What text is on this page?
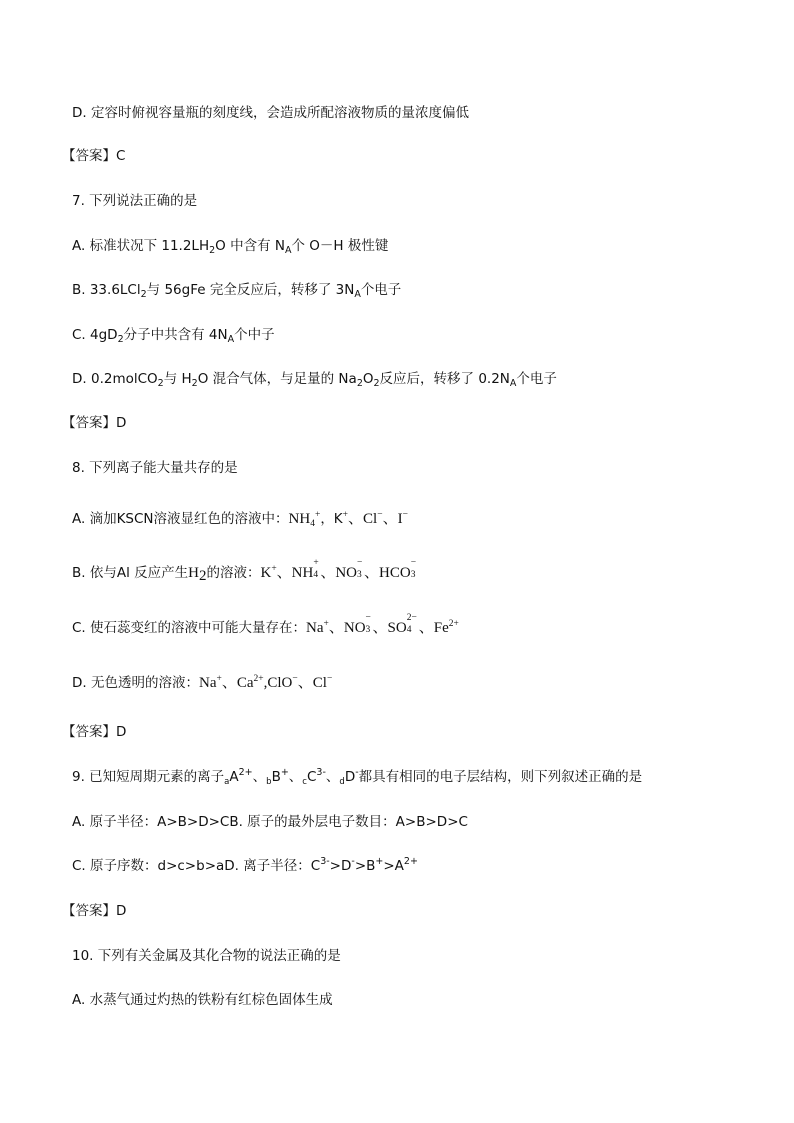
D. 定容时俯视容量瓶的刻度线，会造成所配溶液物质的量浓度偏低
【答案】C
7. 下列说法正确的是
A. 标准状况下 $11.2LH_2O$ 中含有 $N_A$个 O－H 极性键
B. 33.6LCl$_2$与 56gFe 完全反应后，转移了 $3N_A$个电子
C. $4gD_2$分子中共含有 $4N_A$个中子
D. 0.2molCO$_2$与 $H_2O$ 混合气体，与足量的 $Na_2O_2$反应后，转移了 $0.2N_A$个电子
【答案】D
8. 下列离子能大量共存的是
A. 滴加KSCN溶液显红色的溶液中：$NH_4^+$，K+、Cl−、I−
B. 依与Al 反应产生$H_2$的溶液：K+、NH
+
4 、NO
−
3 、HCO
−
3
C. 使石蕊变红的溶液中可能大量存在：Na+、NO
−
3 、SO
2−
4 、$Fe^{2+}$
D. 无色透明的溶液：Na+、$Ca^{2+},ClO^-$、Cl−
【答案】D
9. 已知短周期元素的离子$_aA^{2+}$、$_b$B+、$_cC^{3-}$、$_d$D-都具有相同的电子层结构，则下列叙述正确的是
A. 原子半径：A>B>D>CB. 原子的最外层电子数目：A>B>D>C
C. 原子序数：d>c>b>aD. 离子半径：$C^{3-}>D^->B^+>A^{2+}$
【答案】D
10. 下列有关金属及其化合物的说法正确的是
A. 水蒸气通过灼热的铁粉有红棕色固体生成
